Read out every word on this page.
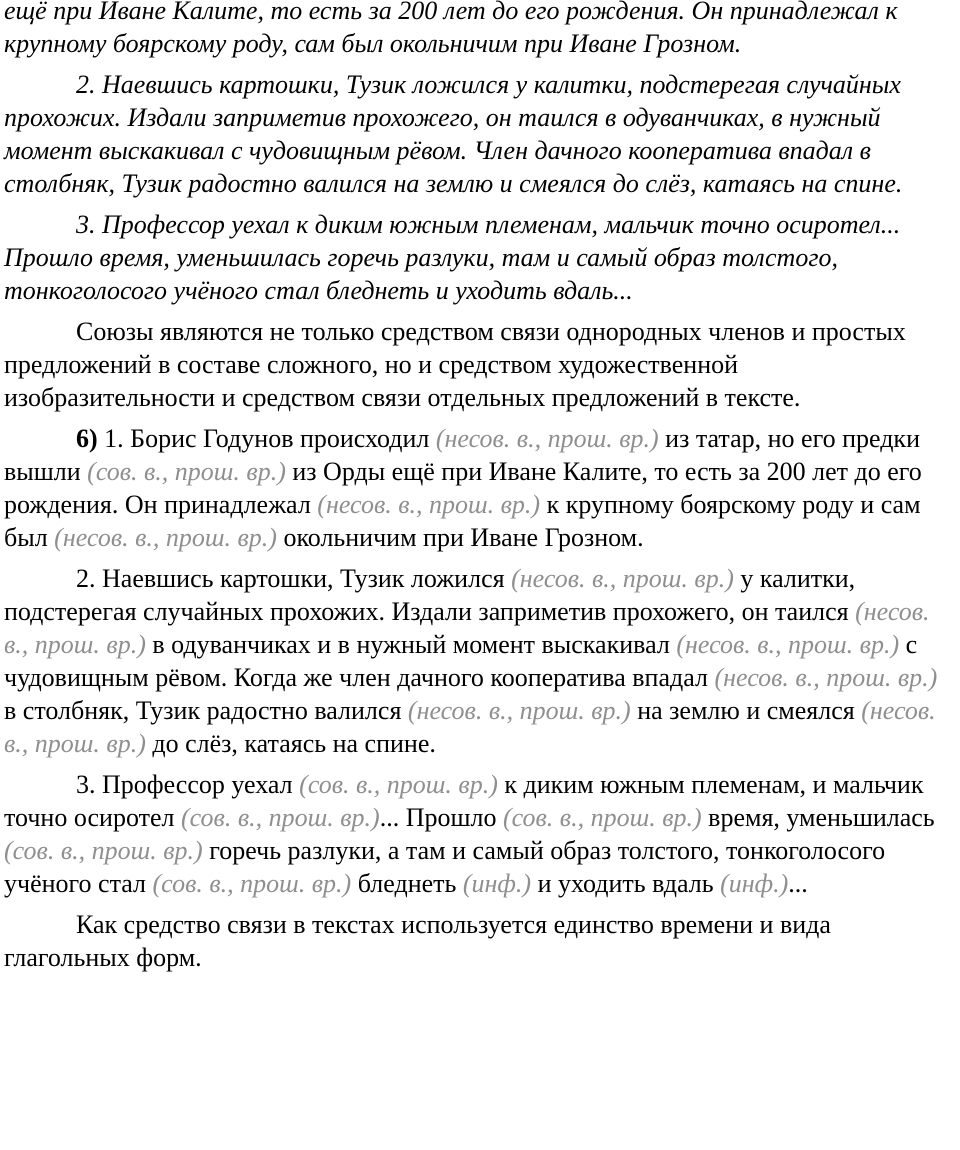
ещё при Иване Калите, то есть за 200 лет до его рождения. Он принадлежал к крупному боярскому роду, сам был окольничим при Иване Грозном.

2. Наевшись картошки, Тузик ложился у калитки, подстерегая случайных прохожих. Издали заприметив прохожего, он таился в одуванчиках, в нужный момент выскакивал с чудовищным рёвом. Член дачного кооператива впадал в столбняк, Тузик радостно валился на землю и смеялся до слёз, катаясь на спине.

3. Профессор уехал к диким южным племенам, мальчик точно осиротел... Прошло время, уменьшилась горечь разлуки, там и самый образ толстого, тонкоголосого учёного стал бледнеть и уходить вдаль...

Союзы являются не только средством связи однородных членов и простых предложений в составе сложного, но и средством художественной изобразительности и средством связи отдельных предложений в тексте.

6) 1. Борис Годунов происходил (несов. в., прош. вр.) из татар, но его предки вышли (сов. в., прош. вр.) из Орды ещё при Иване Калите, то есть за 200 лет до его рождения. Он принадлежал (несов. в., прош. вр.) к крупному боярскому роду и сам был (несов. в., прош. вр.) окольничим при Иване Грозном.

2. Наевшись картошки, Тузик ложился (несов. в., прош. вр.) у калитки, подстерегая случайных прохожих. Издали заприметив прохожего, он таился (несов. в., прош. вр.) в одуванчиках и в нужный момент выскакивал (несов. в., прош. вр.) с чудовищным рёвом. Когда же член дачного кооператива впадал (несов. в., прош. вр.) в столбняк, Тузик радостно валился (несов. в., прош. вр.) на землю и смеялся (несов. в., прош. вр.) до слёз, катаясь на спине.

3. Профессор уехал (сов. в., прош. вр.) к диким южным племенам, и мальчик точно осиротел (сов. в., прош. вр.)... Прошло (сов. в., прош. вр.) время, уменьшилась (сов. в., прош. вр.) горечь разлуки, а там и самый образ толстого, тонкоголосого учёного стал (сов. в., прош. вр.) бледнеть (инф.) и уходить вдаль (инф.)...

Как средство связи в текстах используется единство времени и вида глагольных форм.
